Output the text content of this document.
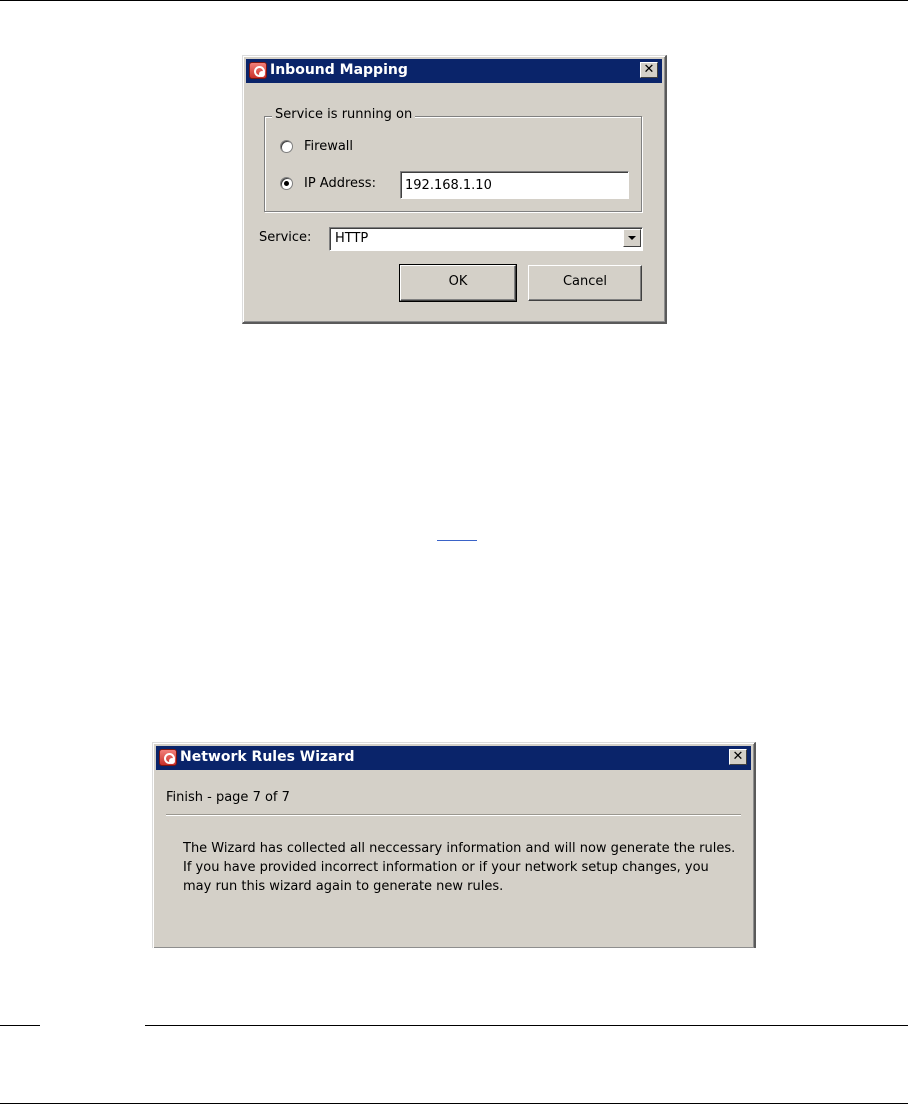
Inbound Mapping	✕
Service is running on
Firewall
IP Address:
192.168.1.10
Service: HTTP
OK	Cancel
Network Rules Wizard	✕
Finish - page 7 of 7
The Wizard has collected all neccessary information and will now generate the rules. If you have provided incorrect information or if your network setup changes, you may run this wizard again to generate new rules.
